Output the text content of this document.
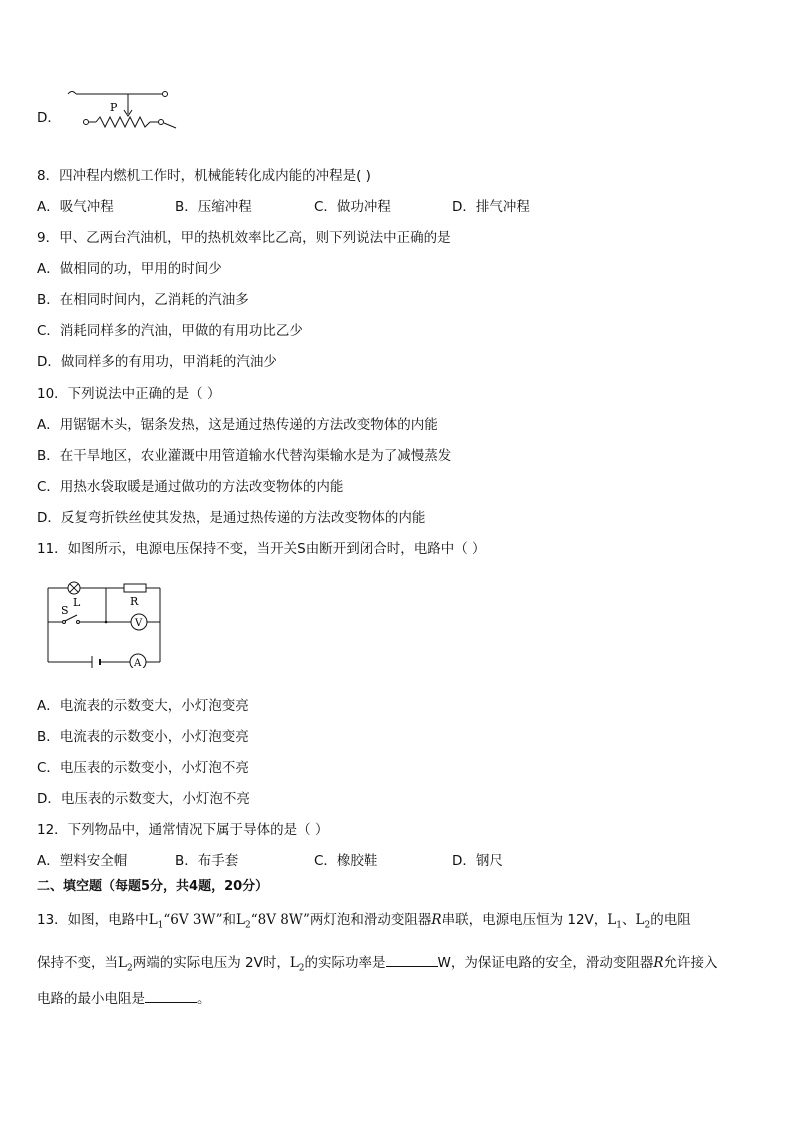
D．
P
8．四冲程内燃机工作时，机械能转化成内能的冲程是( )
A．吸气冲程	B．压缩冲程	C．做功冲程	D．排气冲程
9．甲、乙两台汽油机，甲的热机效率比乙高，则下列说法中正确的是
A．做相同的功，甲用的时间少
B．在相同时间内，乙消耗的汽油多
C．消耗同样多的汽油，甲做的有用功比乙少
D．做同样多的有用功，甲消耗的汽油少
10．下列说法中正确的是（ ）
A．用锯锯木头，锯条发热，这是通过热传递的方法改变物体的内能
B．在干旱地区，农业灌溉中用管道输水代替沟渠输水是为了减慢蒸发
C．用热水袋取暖是通过做功的方法改变物体的内能
D．反复弯折铁丝使其发热，是通过热传递的方法改变物体的内能
11．如图所示，电源电压保持不变，当开关S由断开到闭合时，电路中（ ）
L	R
S
V
A
A．电流表的示数变大，小灯泡变亮
B．电流表的示数变小，小灯泡变亮
C．电压表的示数变小，小灯泡不亮
D．电压表的示数变大，小灯泡不亮
12．下列物品中，通常情况下属于导体的是（ ）
A．塑料安全帽	B．布手套	C．橡胶鞋	D．钢尺
二、填空题（每题5分，共4题，20分）
13．如图，电路中$L_1“6V$ 3W”和$L_2“8V$ 8W”两灯泡和滑动变阻器R串联，电源电压恒为 12V，$L_1$、$L_2$的电阻
保持不变，当$L_2$两端的实际电压为 2V时，$L_2$的实际功率是	W，为保证电路的安全，滑动变阻器R允许接入
电路的最小电阻是	。
